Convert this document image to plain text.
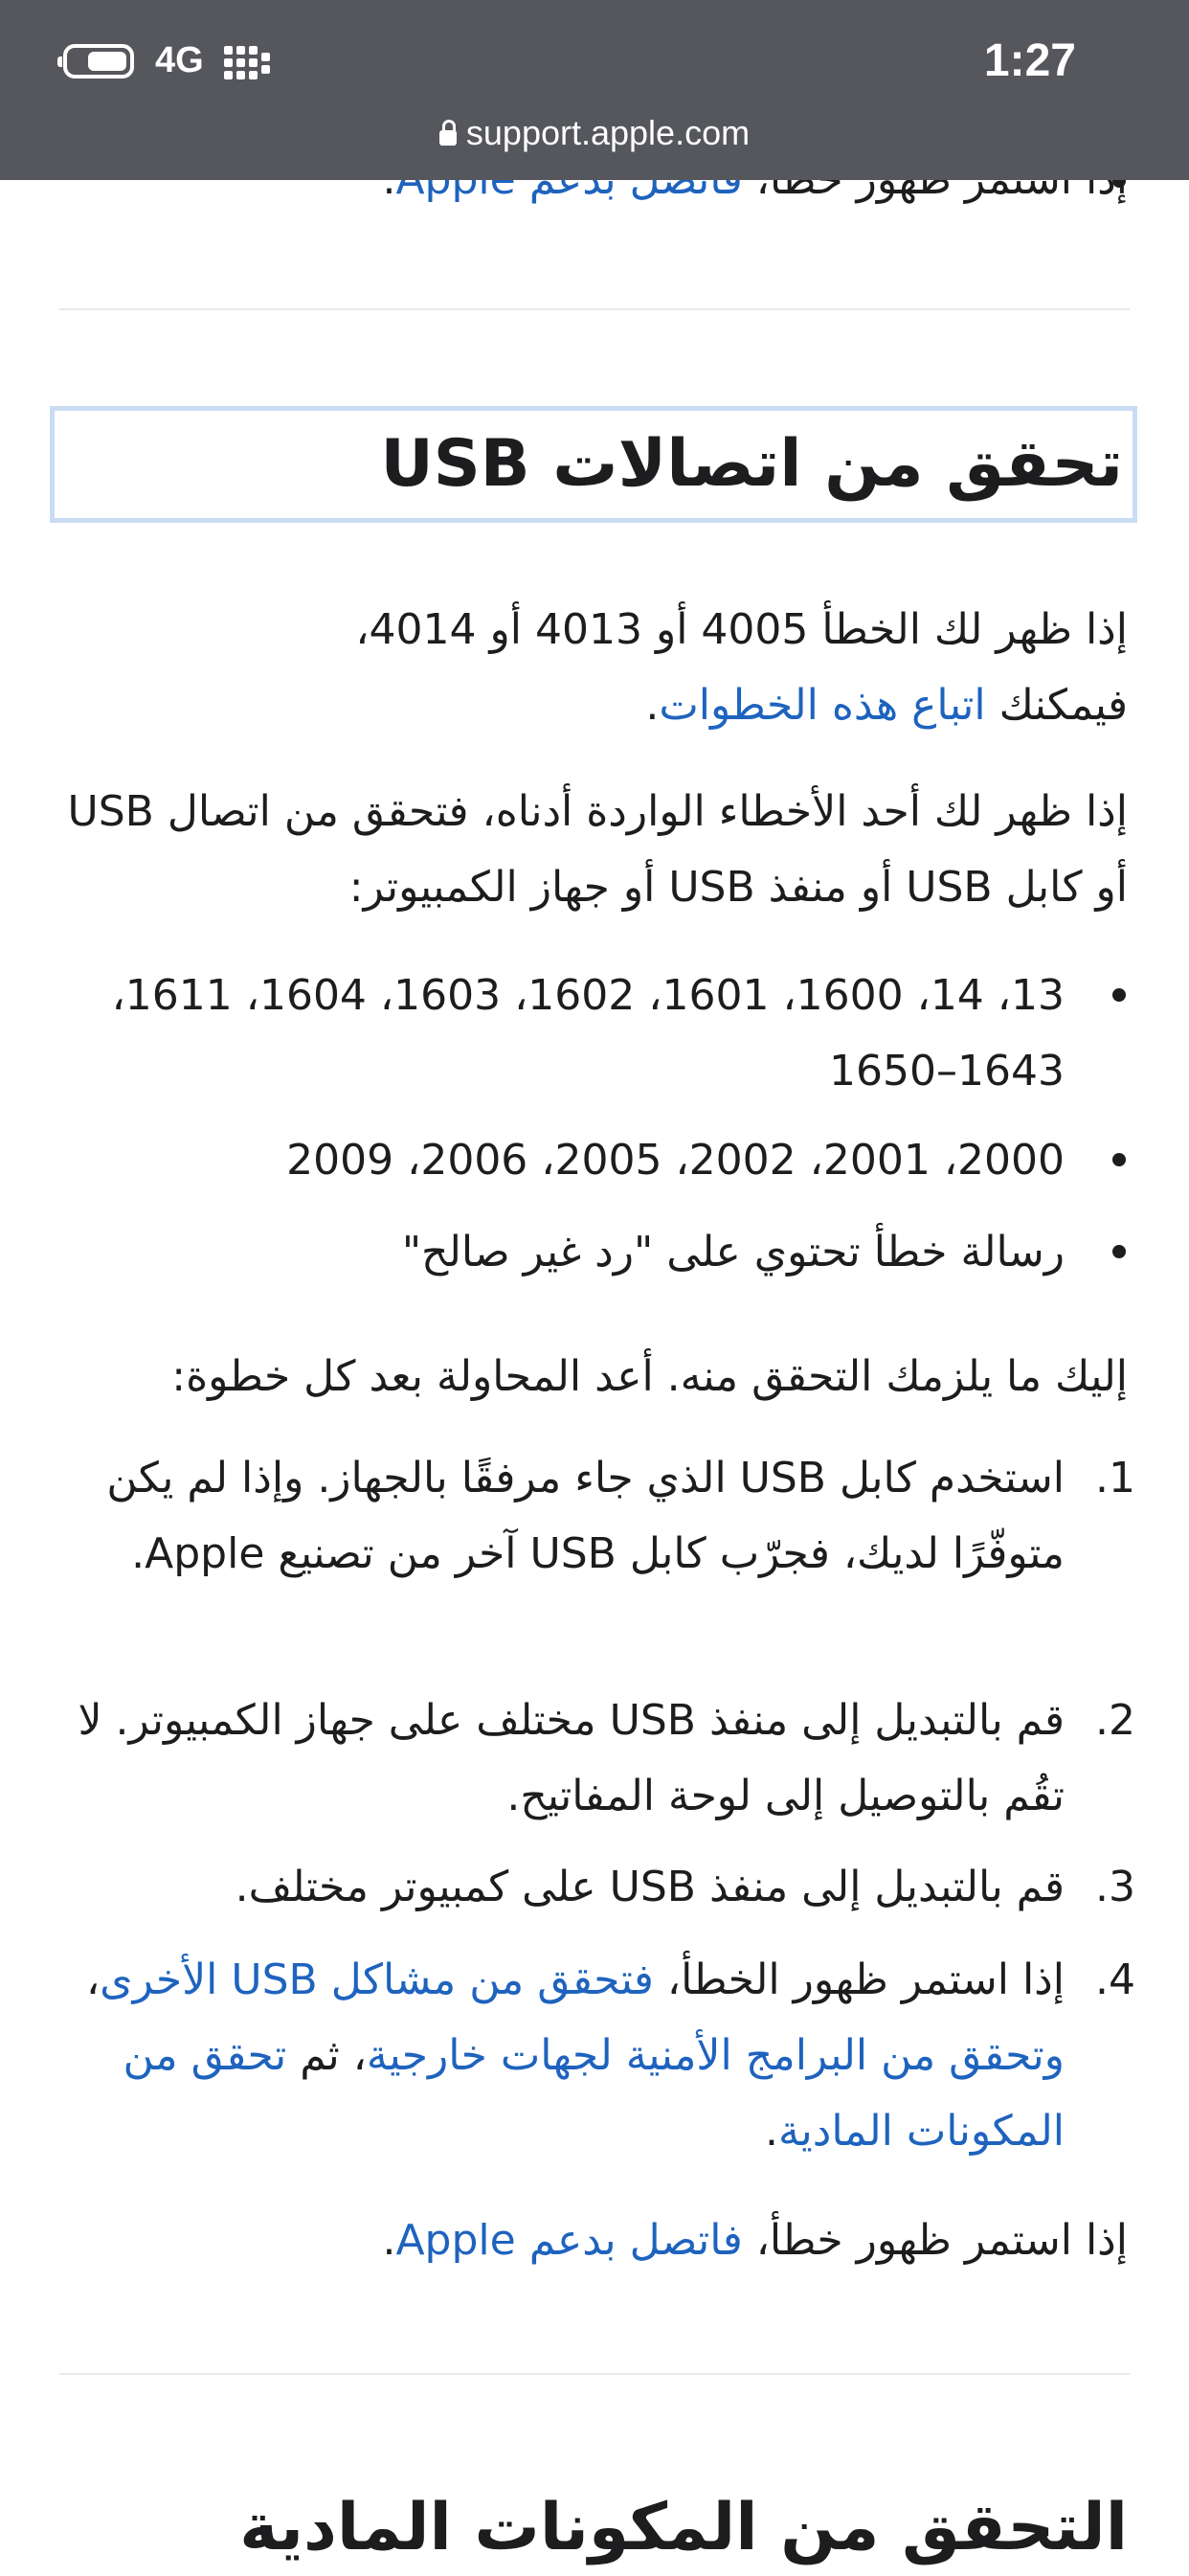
تحقق من اتصالات USB
إذا ظهر لك الخطأ 4005 أو 4013 أو 4014،
فيمكنك اتباع هذه الخطوات.

إذا ظهر لك أحد الأخطاء الواردة أدناه، فتحقق من اتصال USB أو كابل USB أو منفذ USB أو جهاز الكمبيوتر:

13، 14، 1600، 1601، 1602، 1603، 1604، 1611، 1643–1650
2000، 2001، 2002، 2005، 2006، 2009
رسالة خطأ تحتوي على "رد غير صالح"

إليك ما يلزمك التحقق منه. أعد المحاولة بعد كل خطوة:

1.
استخدم كابل USB الذي جاء مرفقًا بالجهاز. وإذا لم يكن متوفّرًا لديك، فجرّب كابل USB آخر من تصنيع Apple.
2.
قم بالتبديل إلى منفذ USB مختلف على جهاز الكمبيوتر. لا تقُم بالتوصيل إلى لوحة المفاتيح.
3.
قم بالتبديل إلى منفذ USB على كمبيوتر مختلف.
4.
إذا استمر ظهور الخطأ، فتحقق من مشاكل USB الأخرى، وتحقق من البرامج الأمنية لجهات خارجية، ثم تحقق من المكونات المادية.
إذا استمر ظهور خطأ، فاتصل بدعم Apple.
التحقق من المكونات المادية
4G	1:27
support.apple.com
